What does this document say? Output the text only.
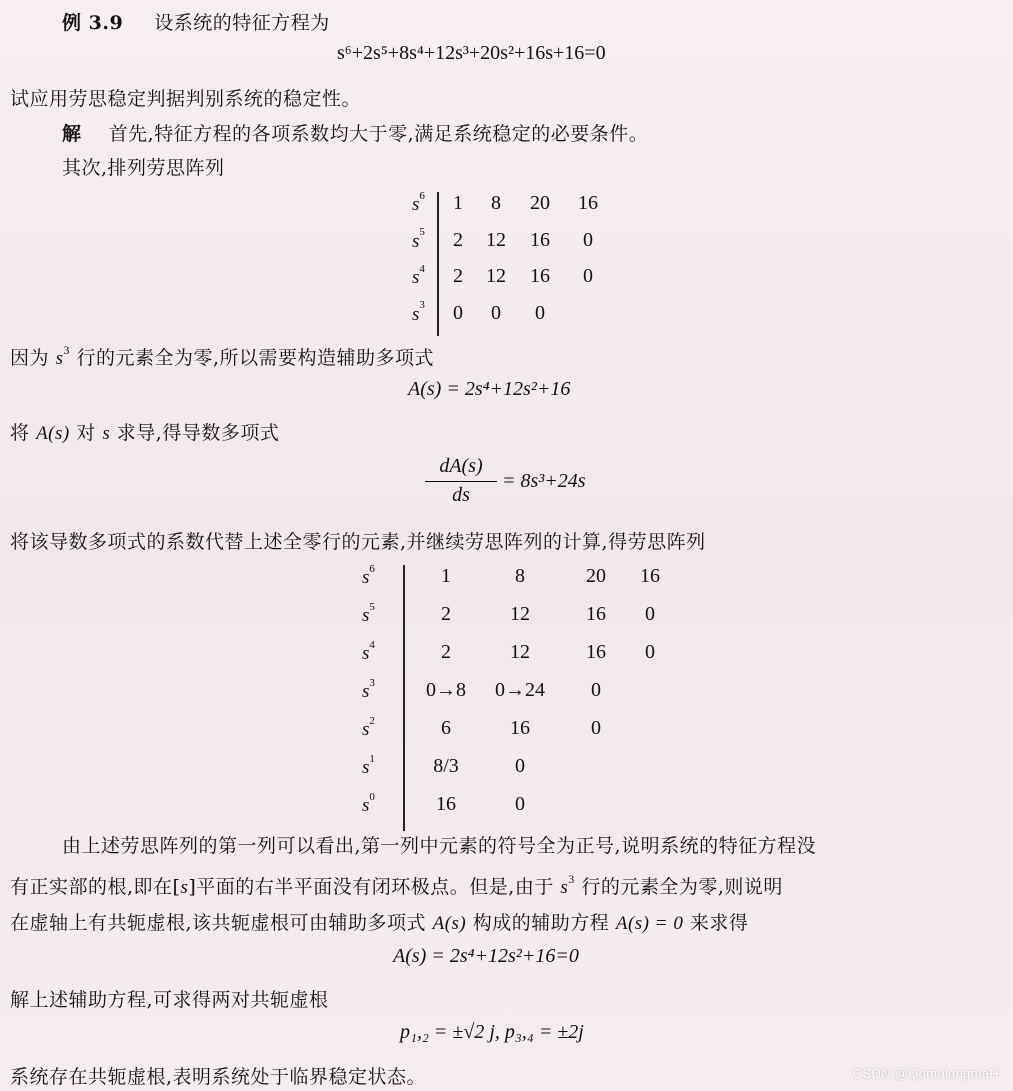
例 3.9 设系统的特征方程为
s⁶+2s⁵+8s⁴+12s³+20s²+16s+16=0
试应用劳思稳定判据判别系统的稳定性。
解 首先,特征方程的各项系数均大于零,满足系统稳定的必要条件。
其次,排列劳思阵列
因为 $s^3$ 行的元素全为零,所以需要构造辅助多项式
A(s) = 2s⁴+12s²+16
将 A(s) 对 s 求导,得导数多项式
dA(s)
ds
= 8s³+24s
将该导数多项式的系数代替上述全零行的元素,并继续劳思阵列的计算,得劳思阵列
由上述劳思阵列的第一列可以看出,第一列中元素的符号全为正号,说明系统的特征方程没
有正实部的根,即在[s]平面的右半平面没有闭环极点。但是,由于 $s^3$ 行的元素全为零,则说明
在虚轴上有共轭虚根,该共轭虚根可由辅助多项式 A(s) 构成的辅助方程 A(s) = 0 来求得
A(s) = 2s⁴+12s²+16=0
解上述辅助方程,可求得两对共轭虚根
p₁,₂ = ±√2 j, p₃,₄ = ±2j
系统存在共轭虚根,表明系统处于临界稳定状态。	CSDN @QomolangmaH
$s^6$	1	8	20	16
$s^5$	2	12	16	0
$s^4$	2	12	16	0
$s^3$	0	0	0
$s^6$	1	8	20	16
$s^5$	2	12	16	0
$s^4$	2	12	16	0
$s^3$	0→8	0→24	0
$s^2$	6	16	0
$s^1$	8/3	0
$s^0$	16	0
